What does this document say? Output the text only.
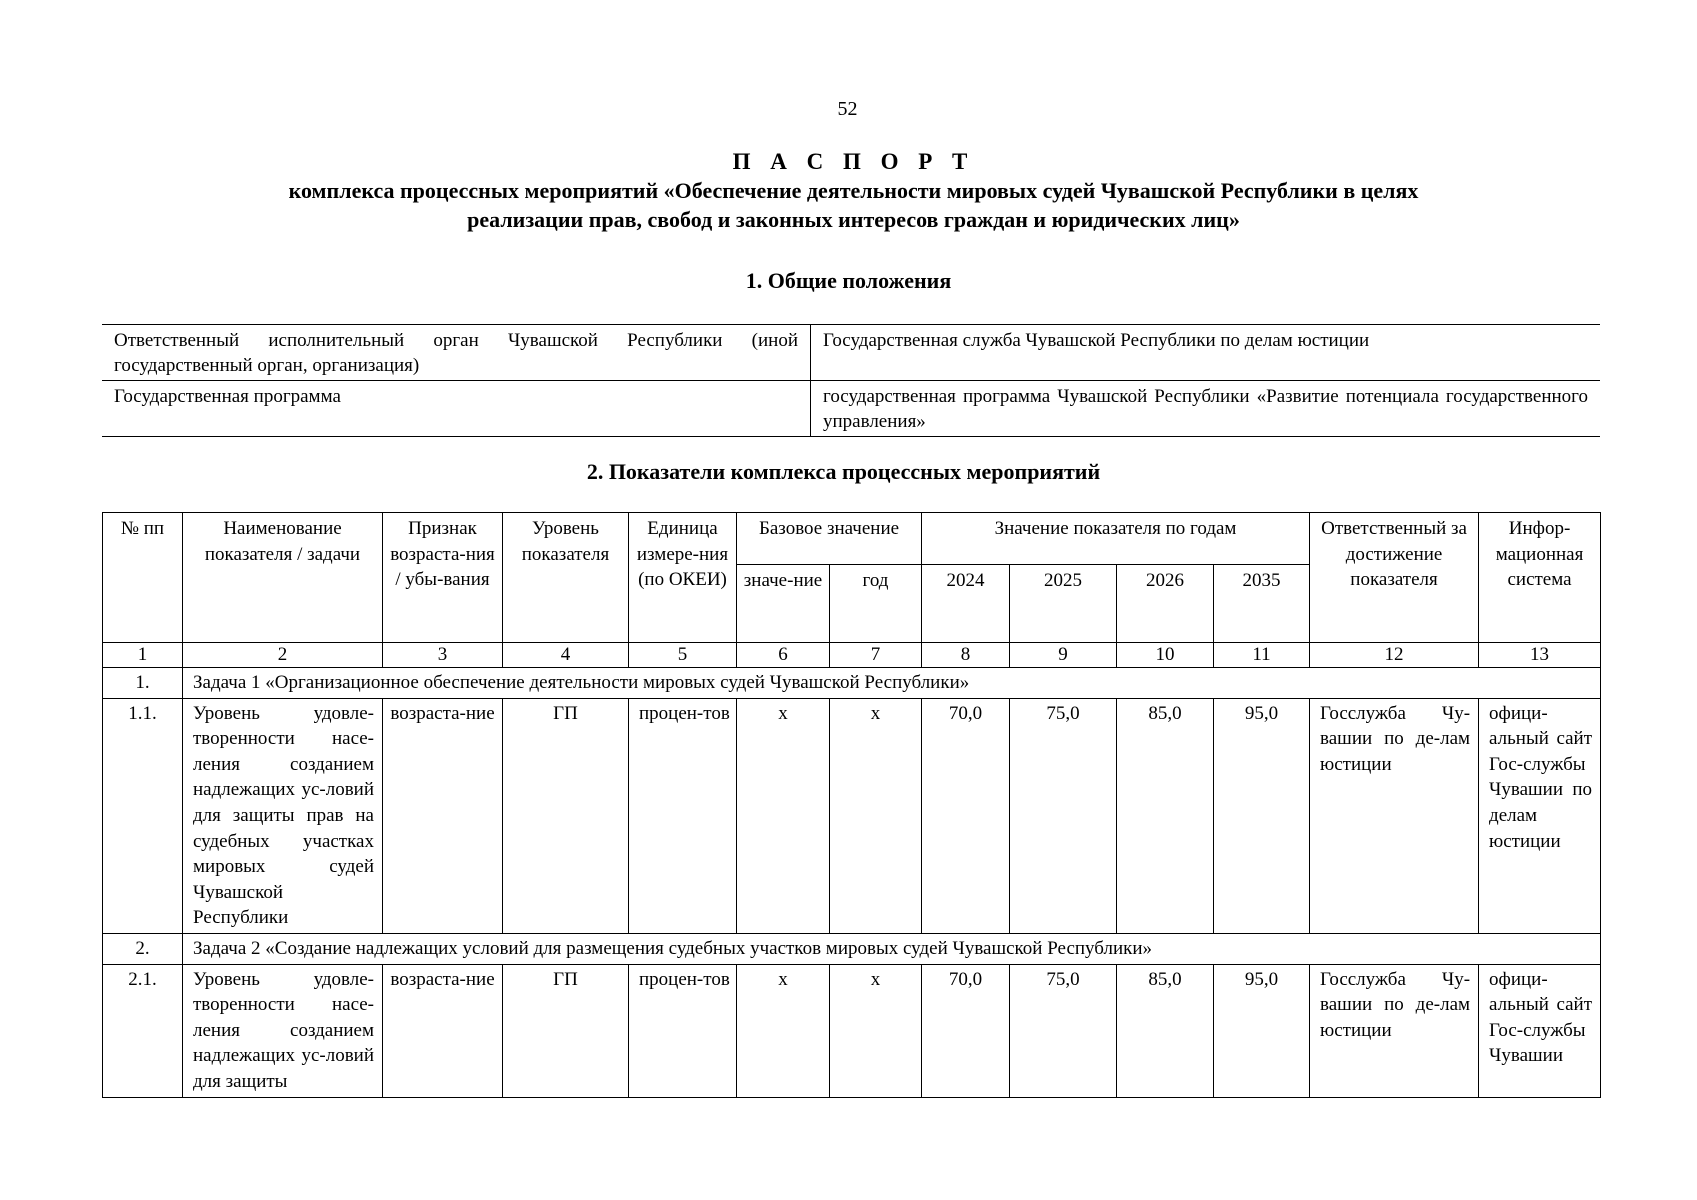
52
П А С П О Р Т
комплекса процессных мероприятий «Обеспечение деятельности мировых судей Чувашской Республики в целях
реализации прав, свобод и законных интересов граждан и юридических лиц»
1. Общие положения
Ответственный исполнительный орган Чувашской Республики (иной государственный орган, организация)	Государственная служба Чувашской Республики по делам юстиции
Государственная программа	государственная программа Чувашской Республики «Развитие потенциала государственного управления»
2. Показатели комплекса процессных мероприятий
№ пп	Наименование показателя / задачи	Признак возраста-ния / убы-вания	Уровень показателя	Единица измере-ния (по ОКЕИ)	Базовое значение		Значение показателя по годам				Ответственный за достижение показателя	Инфор-мационная система
					значе-ние	год	2024	2025	2026	2035		
1	2	3	4	5	6	7	8	9	10	11	12	13
1.	Задача 1 «Организационное обеспечение деятельности мировых судей Чувашской Республики»											
1.1.	Уровень удовле-творенности насе-ления созданием надлежащих ус-ловий для защиты прав на судебных участках мировых судей Чувашской Республики	возраста-ние	ГП	процен-тов	x	x	70,0	75,0	85,0	95,0	Госслужба Чу-вашии по де-лам юстиции	офици-альный сайт Гос-службы Чувашии по делам юстиции
2.	Задача 2 «Создание надлежащих условий для размещения судебных участков мировых судей Чувашской Республики»											
2.1.	Уровень удовле-творенности насе-ления созданием надлежащих ус-ловий для защиты	возраста-ние	ГП	процен-тов	x	x	70,0	75,0	85,0	95,0	Госслужба Чу-вашии по де-лам юстиции	офици-альный сайт Гос-службы Чувашии
